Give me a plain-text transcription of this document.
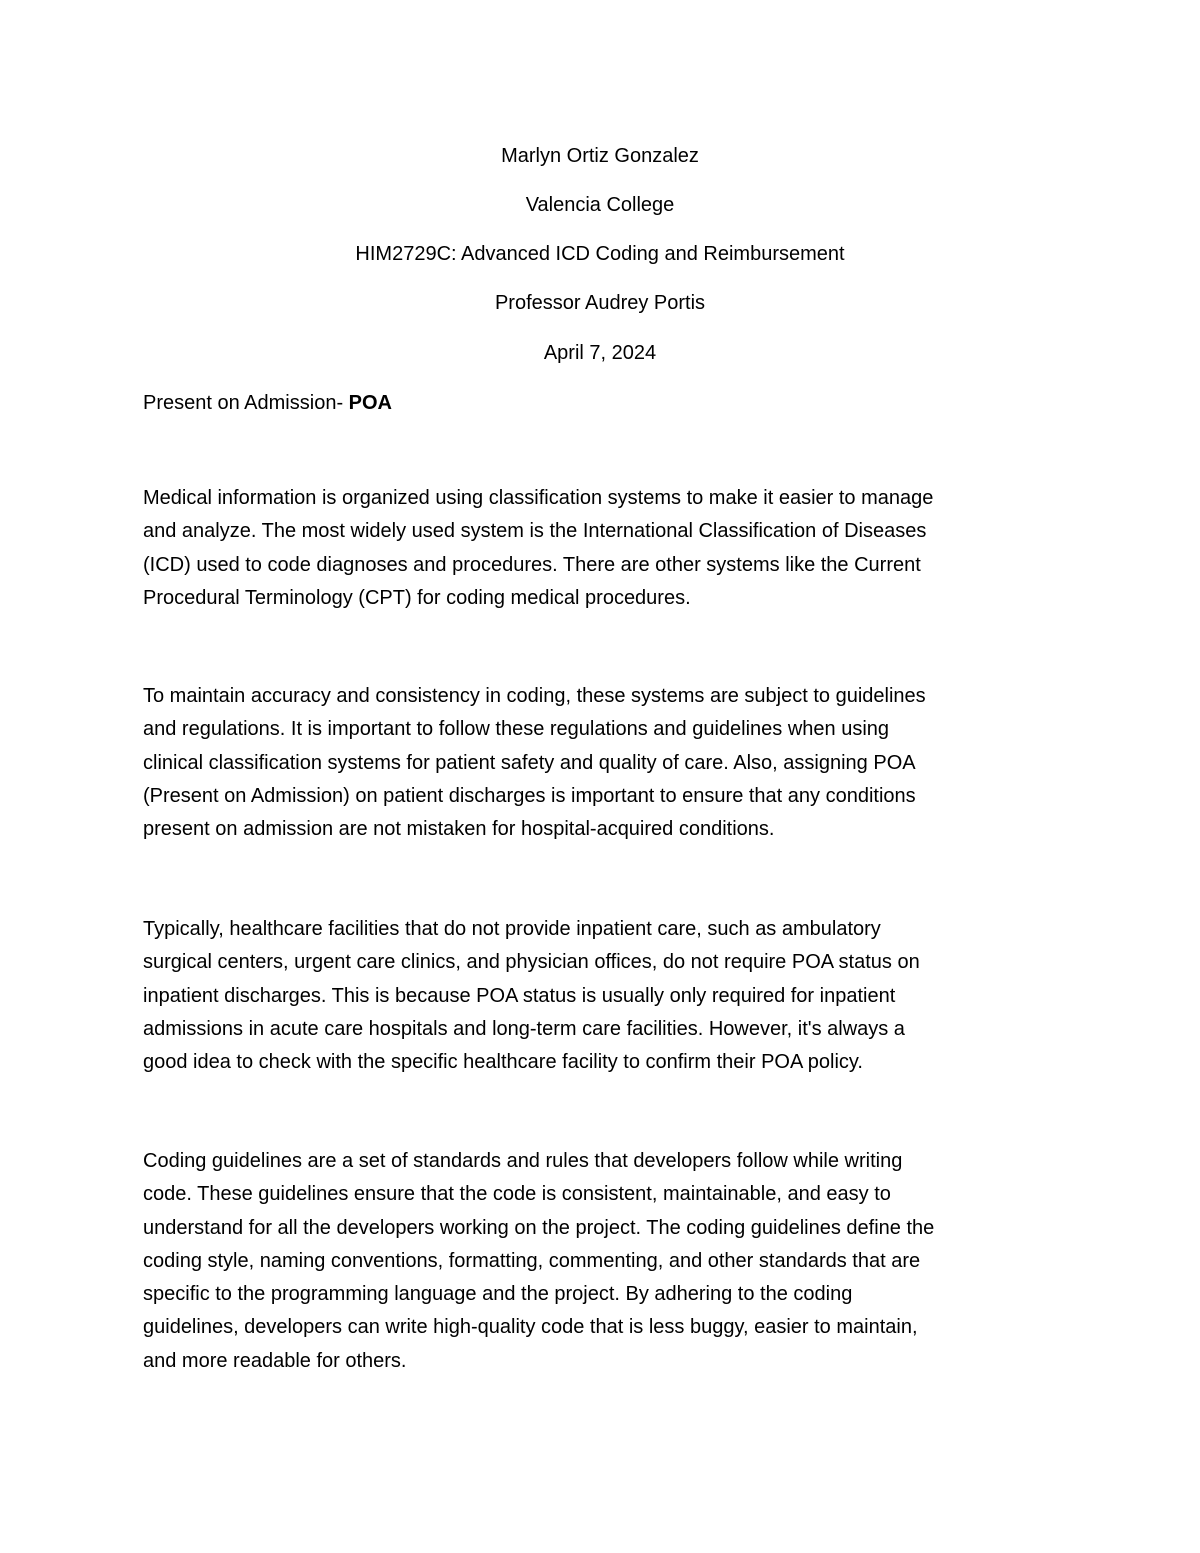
Marlyn Ortiz Gonzalez
Valencia College
HIM2729C: Advanced ICD Coding and Reimbursement
Professor Audrey Portis
April 7, 2024
Present on Admission- POA
Medical information is organized using classification systems to make it easier to manage
and analyze. The most widely used system is the International Classification of Diseases
(ICD) used to code diagnoses and procedures. There are other systems like the Current
Procedural Terminology (CPT) for coding medical procedures.
To maintain accuracy and consistency in coding, these systems are subject to guidelines
and regulations. It is important to follow these regulations and guidelines when using
clinical classification systems for patient safety and quality of care. Also, assigning POA
(Present on Admission) on patient discharges is important to ensure that any conditions
present on admission are not mistaken for hospital-acquired conditions.
Typically, healthcare facilities that do not provide inpatient care, such as ambulatory
surgical centers, urgent care clinics, and physician offices, do not require POA status on
inpatient discharges. This is because POA status is usually only required for inpatient
admissions in acute care hospitals and long-term care facilities. However, it's always a
good idea to check with the specific healthcare facility to confirm their POA policy.
Coding guidelines are a set of standards and rules that developers follow while writing
code. These guidelines ensure that the code is consistent, maintainable, and easy to
understand for all the developers working on the project. The coding guidelines define the
coding style, naming conventions, formatting, commenting, and other standards that are
specific to the programming language and the project. By adhering to the coding
guidelines, developers can write high-quality code that is less buggy, easier to maintain,
and more readable for others.
